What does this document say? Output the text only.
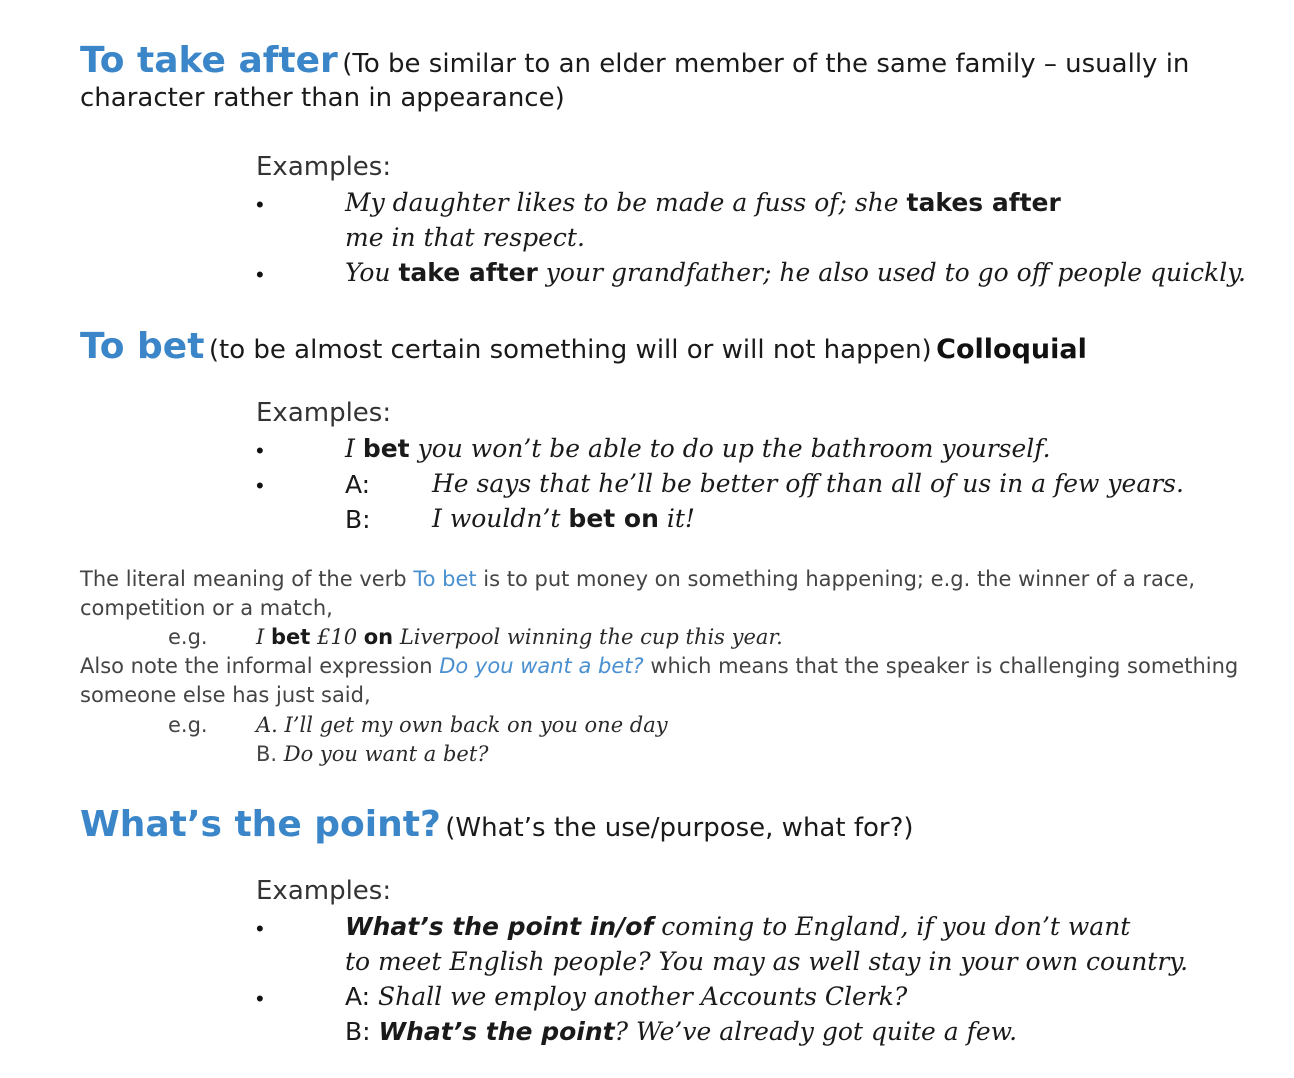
To take after (To be similar to an elder member of the same family – usually in
character rather than in appearance)
Examples:
•	My daughter likes to be made a fuss of; she takes after
me in that respect.
•	You take after your grandfather; he also used to go off people quickly.
To bet (to be almost certain something will or will not happen) Colloquial
Examples:
•	I bet you won’t be able to do up the bathroom yourself.
•	A: He says that he’ll be better off than all of us in a few years.
B: I wouldn’t bet on it!
The literal meaning of the verb To bet is to put money on something happening; e.g. the winner of a race,
competition or a match,
e.g. I bet £10 on Liverpool winning the cup this year.
Also note the informal expression Do you want a bet? which means that the speaker is challenging something
someone else has just said,
e.g. A. I’ll get my own back on you one day
B. Do you want a bet?
What’s the point? (What’s the use/purpose, what for?)
Examples:
•	What’s the point in/of coming to England, if you don’t want
to meet English people? You may as well stay in your own country.
•	A: Shall we employ another Accounts Clerk?
B: What’s the point? We’ve already got quite a few.
